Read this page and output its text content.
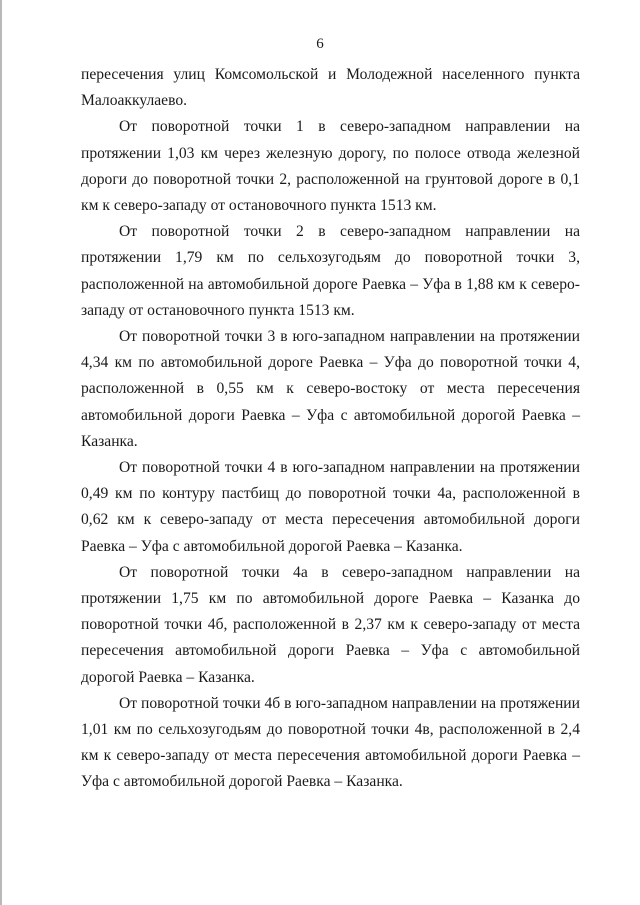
6

пересечения улиц Комсомольской и Молодежной населенного пункта Малоаккулаево.

От поворотной точки 1 в северо-западном направлении на протяжении 1,03 км через железную дорогу, по полосе отвода железной дороги до поворотной точки 2, расположенной на грунтовой дороге в 0,1 км к северо-западу от остановочного пункта 1513 км.

От поворотной точки 2 в северо-западном направлении на протяжении 1,79 км по сельхозугодьям до поворотной точки 3, расположенной на автомобильной дороге Раевка – Уфа в 1,88 км к северо-западу от остановочного пункта 1513 км.

От поворотной точки 3 в юго-западном направлении на протяжении 4,34 км по автомобильной дороге Раевка – Уфа до поворотной точки 4, расположенной в 0,55 км к северо-востоку от места пересечения автомобильной дороги Раевка – Уфа с автомобильной дорогой Раевка – Казанка.

От поворотной точки 4 в юго-западном направлении на протяжении 0,49 км по контуру пастбищ до поворотной точки 4а, расположенной в 0,62 км к северо-западу от места пересечения автомобильной дороги Раевка – Уфа с автомобильной дорогой Раевка – Казанка.

От поворотной точки 4а в северо-западном направлении на протяжении 1,75 км по автомобильной дороге Раевка – Казанка до поворотной точки 4б, расположенной в 2,37 км к северо-западу от места пересечения автомобильной дороги Раевка – Уфа с автомобильной дорогой Раевка – Казанка.

От поворотной точки 4б в юго-западном направлении на протяжении 1,01 км по сельхозугодьям до поворотной точки 4в, расположенной в 2,4 км к северо-западу от места пересечения автомобильной дороги Раевка – Уфа с автомобильной дорогой Раевка – Казанка.
